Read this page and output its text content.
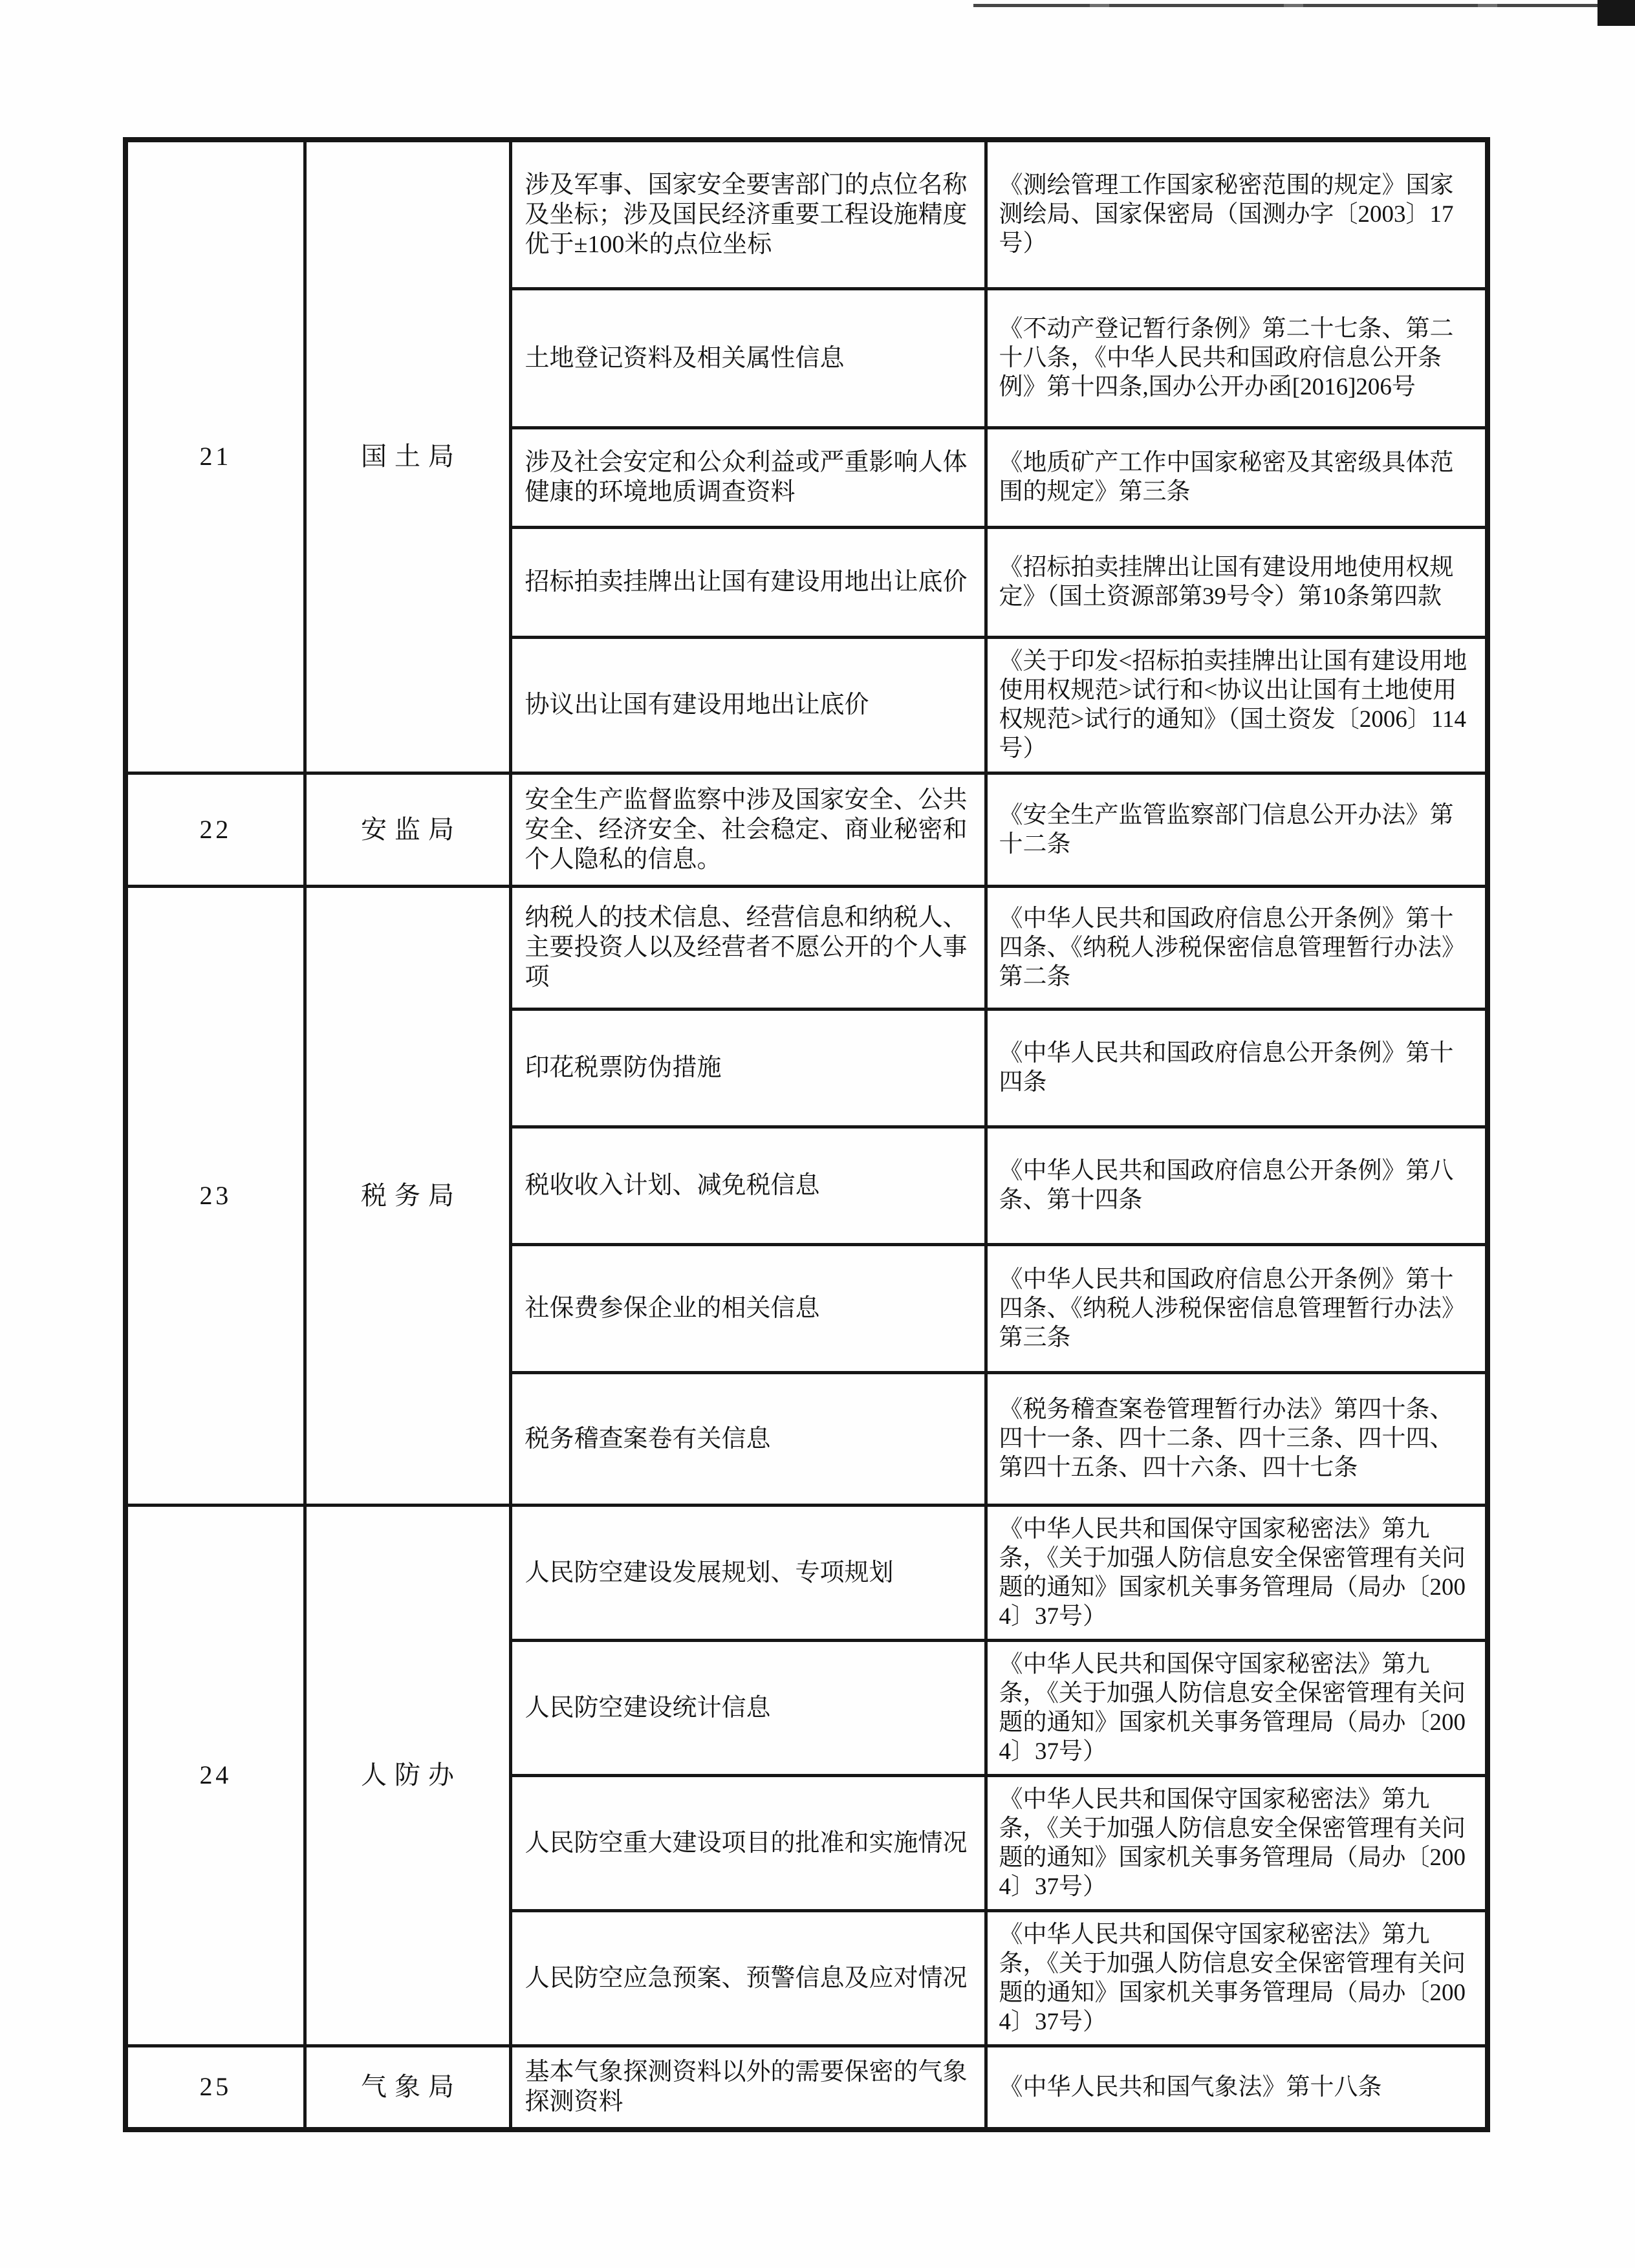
21	国土局	涉及军事、国家安全要害部门的点位名称及坐标；涉及国民经济重要工程设施精度优于±100米的点位坐标	《测绘管理工作国家秘密范围的规定》国家测绘局、国家保密局（国测办字〔2003〕17号）
		土地登记资料及相关属性信息	《不动产登记暂行条例》第二十七条、第二十八条，《中华人民共和国政府信息公开条例》第十四条,国办公开办函[2016]206号
		涉及社会安定和公众利益或严重影响人体健康的环境地质调查资料	《地质矿产工作中国家秘密及其密级具体范围的规定》第三条
		招标拍卖挂牌出让国有建设用地出让底价	《招标拍卖挂牌出让国有建设用地使用权规定》（国土资源部第39号令）第10条第四款
		协议出让国有建设用地出让底价	《关于印发<招标拍卖挂牌出让国有建设用地使用权规范>试行和<协议出让国有土地使用权规范>试行的通知》（国土资发〔2006〕114号）
22	安监局	安全生产监督监察中涉及国家安全、公共安全、经济安全、社会稳定、商业秘密和个人隐私的信息。	《安全生产监管监察部门信息公开办法》第十二条
23	税务局	纳税人的技术信息、经营信息和纳税人、主要投资人以及经营者不愿公开的个人事项	《中华人民共和国政府信息公开条例》第十四条、《纳税人涉税保密信息管理暂行办法》第二条
		印花税票防伪措施	《中华人民共和国政府信息公开条例》第十四条
		税收收入计划、减免税信息	《中华人民共和国政府信息公开条例》第八条、第十四条
		社保费参保企业的相关信息	《中华人民共和国政府信息公开条例》第十四条、《纳税人涉税保密信息管理暂行办法》第三条
		税务稽查案卷有关信息	《税务稽查案卷管理暂行办法》第四十条、四十一条、四十二条、四十三条、四十四、第四十五条、四十六条、四十七条
24	人防办	人民防空建设发展规划、专项规划	《中华人民共和国保守国家秘密法》第九条，《关于加强人防信息安全保密管理有关问题的通知》国家机关事务管理局（局办〔2004〕37号）
		人民防空建设统计信息	《中华人民共和国保守国家秘密法》第九条，《关于加强人防信息安全保密管理有关问题的通知》国家机关事务管理局（局办〔2004〕37号）
		人民防空重大建设项目的批准和实施情况	《中华人民共和国保守国家秘密法》第九条，《关于加强人防信息安全保密管理有关问题的通知》国家机关事务管理局（局办〔2004〕37号）
		人民防空应急预案、预警信息及应对情况	《中华人民共和国保守国家秘密法》第九条，《关于加强人防信息安全保密管理有关问题的通知》国家机关事务管理局（局办〔2004〕37号）
25	气象局	基本气象探测资料以外的需要保密的气象探测资料	《中华人民共和国气象法》第十八条
